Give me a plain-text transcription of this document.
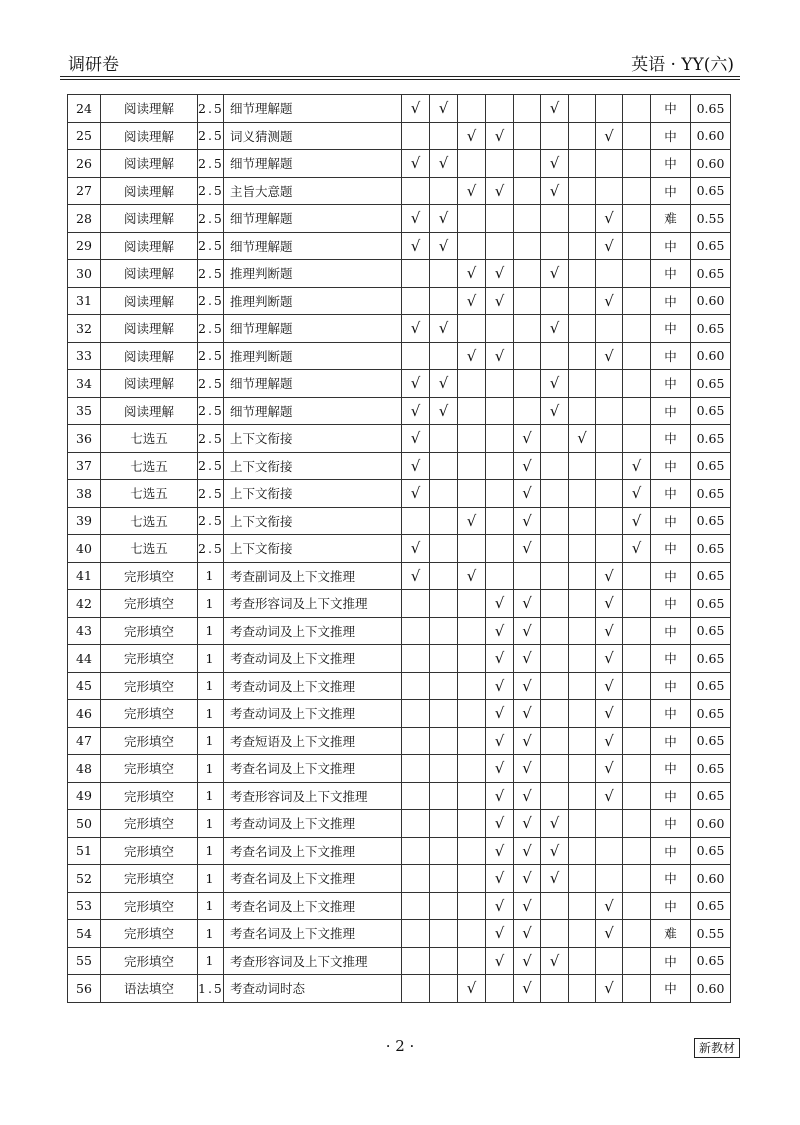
调研卷	英语 · YY(六)
24	阅读理解	2.5	细节理解题	√	√				√				中	0.65
25	阅读理解	2.5	词义猜测题			√	√				√		中	0.60
26	阅读理解	2.5	细节理解题	√	√				√				中	0.60
27	阅读理解	2.5	主旨大意题			√	√		√				中	0.65
28	阅读理解	2.5	细节理解题	√	√						√		难	0.55
29	阅读理解	2.5	细节理解题	√	√						√		中	0.65
30	阅读理解	2.5	推理判断题			√	√		√				中	0.65
31	阅读理解	2.5	推理判断题			√	√				√		中	0.60
32	阅读理解	2.5	细节理解题	√	√				√				中	0.65
33	阅读理解	2.5	推理判断题			√	√				√		中	0.60
34	阅读理解	2.5	细节理解题	√	√				√				中	0.65
35	阅读理解	2.5	细节理解题	√	√				√				中	0.65
36	七选五	2.5	上下文衔接	√				√		√			中	0.65
37	七选五	2.5	上下文衔接	√				√				√	中	0.65
38	七选五	2.5	上下文衔接	√				√				√	中	0.65
39	七选五	2.5	上下文衔接			√		√				√	中	0.65
40	七选五	2.5	上下文衔接	√				√				√	中	0.65
41	完形填空	1	考查副词及上下文推理	√		√					√		中	0.65
42	完形填空	1	考查形容词及上下文推理				√	√			√		中	0.65
43	完形填空	1	考查动词及上下文推理				√	√			√		中	0.65
44	完形填空	1	考查动词及上下文推理				√	√			√		中	0.65
45	完形填空	1	考查动词及上下文推理				√	√			√		中	0.65
46	完形填空	1	考查动词及上下文推理				√	√			√		中	0.65
47	完形填空	1	考查短语及上下文推理				√	√			√		中	0.65
48	完形填空	1	考查名词及上下文推理				√	√			√		中	0.65
49	完形填空	1	考查形容词及上下文推理				√	√			√		中	0.65
50	完形填空	1	考查动词及上下文推理				√	√	√				中	0.60
51	完形填空	1	考查名词及上下文推理				√	√	√				中	0.65
52	完形填空	1	考查名词及上下文推理				√	√	√				中	0.60
53	完形填空	1	考查名词及上下文推理				√	√			√		中	0.65
54	完形填空	1	考查名词及上下文推理				√	√			√		难	0.55
55	完形填空	1	考查形容词及上下文推理				√	√	√				中	0.65
56	语法填空	1.5	考查动词时态			√		√			√		中	0.60
· 2 ·	新教材
